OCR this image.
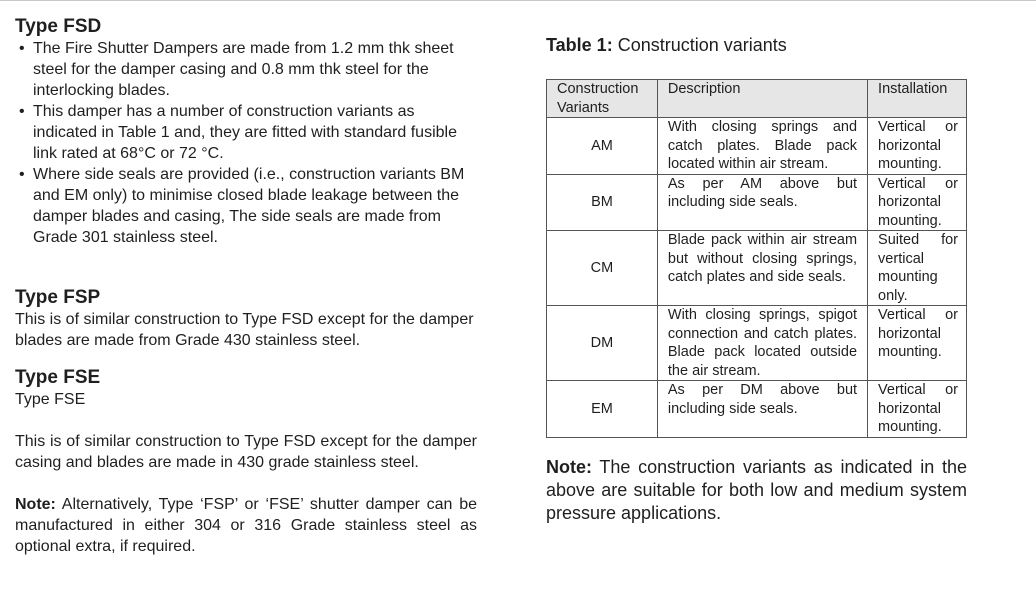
Type FSD
• The Fire Shutter Dampers are made from 1.2 mm thk sheet steel for the damper casing and 0.8 mm thk steel for the interlocking blades.
• This damper has a number of construction variants as indicated in Table 1 and, they are fitted with standard fusible link rated at 68°C or 72 °C.
• Where side seals are provided (i.e., construction variants BM and EM only) to minimise closed blade leakage between the damper blades and casing, The side seals are made from Grade 301 stainless steel.
Type FSP

This is of similar construction to Type FSD except for the damper blades are made from Grade 430 stainless steel.

Type FSE

Type FSE

This is of similar construction to Type FSD except for the damper casing and blades are made in 430 grade stainless steel.

Note: Alternatively, Type ‘FSP’ or ‘FSE’ shutter damper can be manufactured in either 304 or 316 Grade stainless steel as optional extra, if required.

Table 1: Construction variants
Construction Variants	Description	Installation
AM	With closing springs and catch plates. Blade pack located within air stream.	Vertical or horizontal mounting.
BM	As per AM above but including side seals.	Vertical or horizontal mounting.
CM	Blade pack within air stream but without closing springs, catch plates and side seals.	Suited for vertical mounting only.
DM	With closing springs, spigot connection and catch plates. Blade pack located outside the air stream.	Vertical or horizontal mounting.
EM	As per DM above but including side seals.	Vertical or horizontal mounting.
Note: The construction variants as indicated in the above are suitable for both low and medium system pressure applications.
